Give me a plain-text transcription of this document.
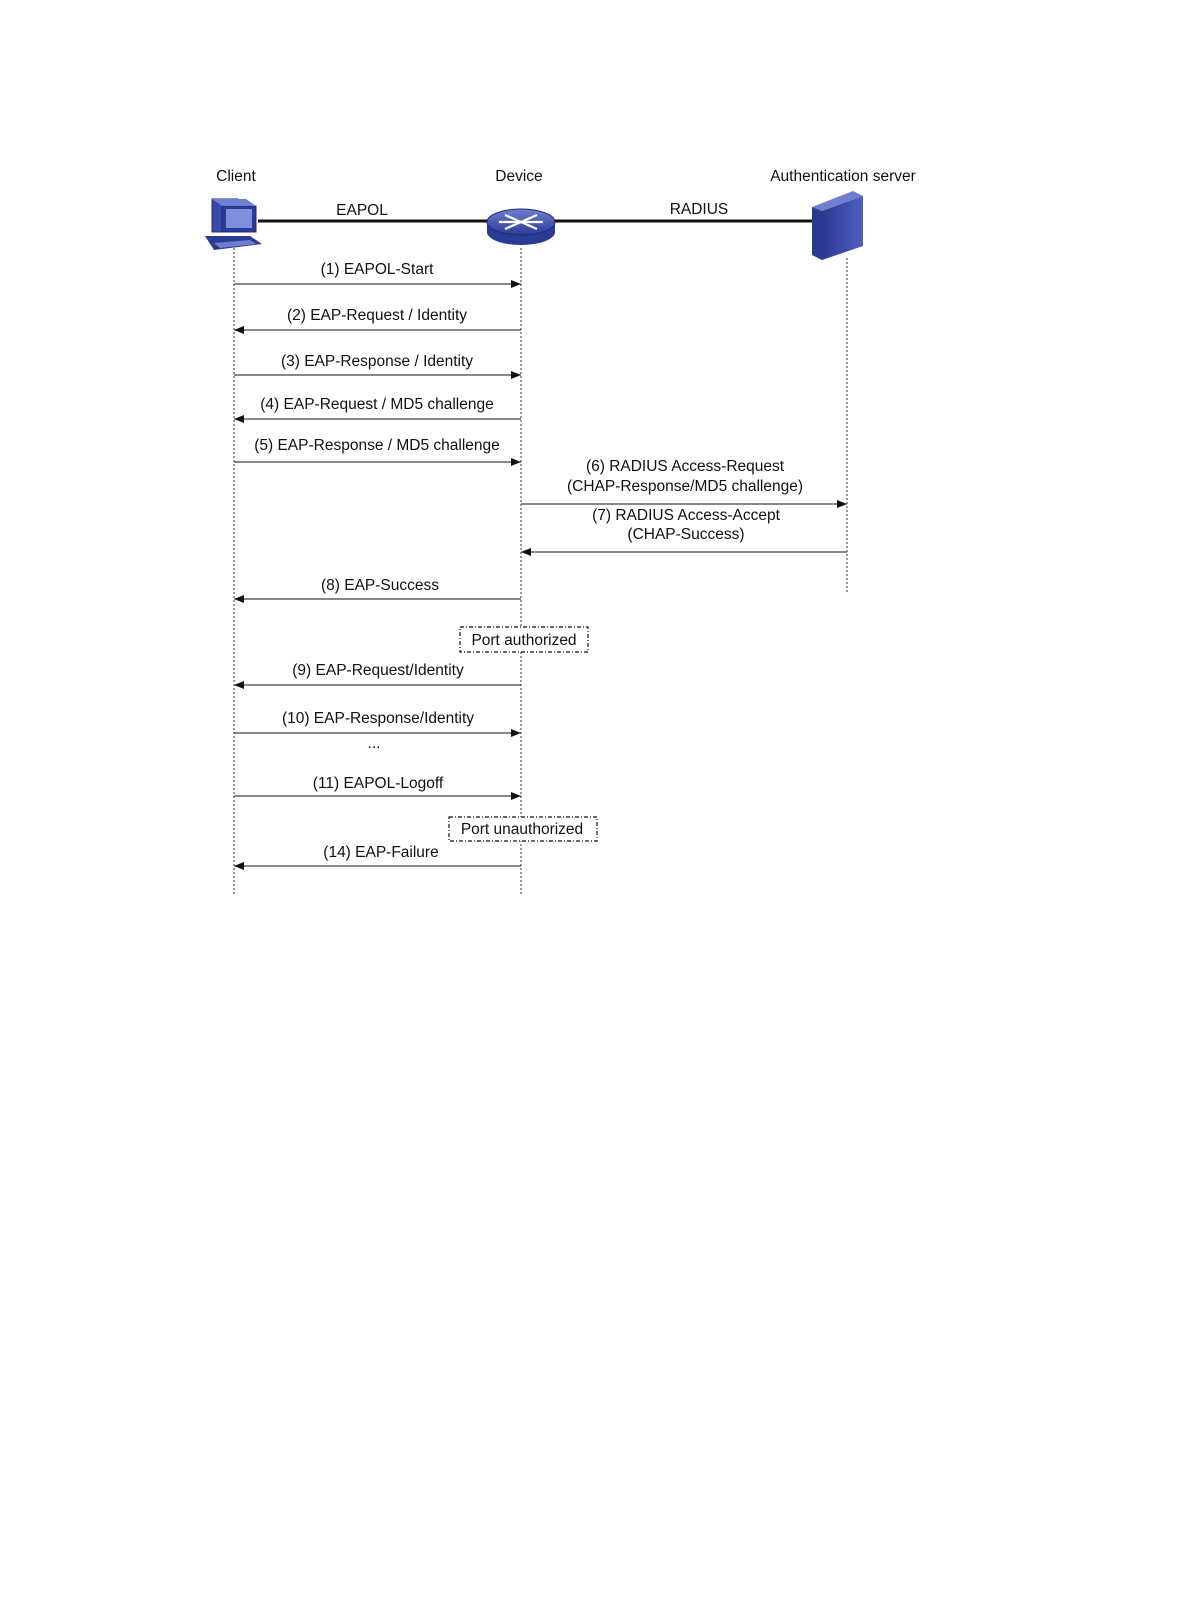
Client	Device	Authentication server
EAPOL	RADIUS
(1) EAPOL-Start
(2) EAP-Request / Identity
(3) EAP-Response / Identity
(4) EAP-Request / MD5 challenge
(5) EAP-Response / MD5 challenge
(6) RADIUS Access-Request
(CHAP-Response/MD5 challenge)
(7) RADIUS Access-Accept
(CHAP-Success)
(8) EAP-Success
Port authorized
(9) EAP-Request/Identity
(10) EAP-Response/Identity
...
(11) EAPOL-Logoff
Port unauthorized
(14) EAP-Failure
